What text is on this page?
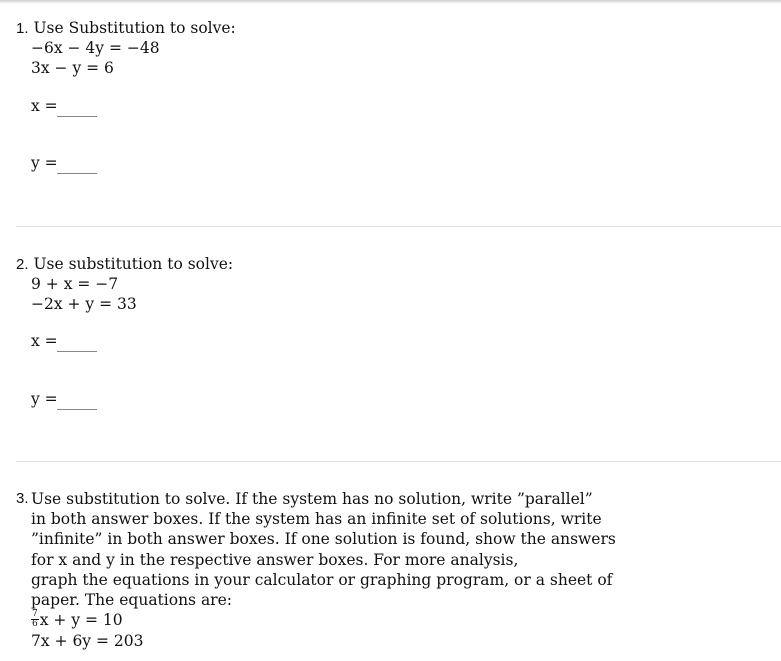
1. Use Substitution to solve:
−6x − 4y = −48
3x − y = 6
x =
y =
2. Use substitution to solve:
9 + x = −7
−2x + y = 33
x =
y =
3. Use substitution to solve. If the system has no solution, write ”parallel”
in both answer boxes. If the system has an infinite set of solutions, write
”infinite” in both answer boxes. If one solution is found, show the answers
for x and y in the respective answer boxes. For more analysis,
graph the equations in your calculator or graphing program, or a sheet of
paper. The equations are:
$\frac{7}{6}$ x + y = 10
7x + 6y = 203
